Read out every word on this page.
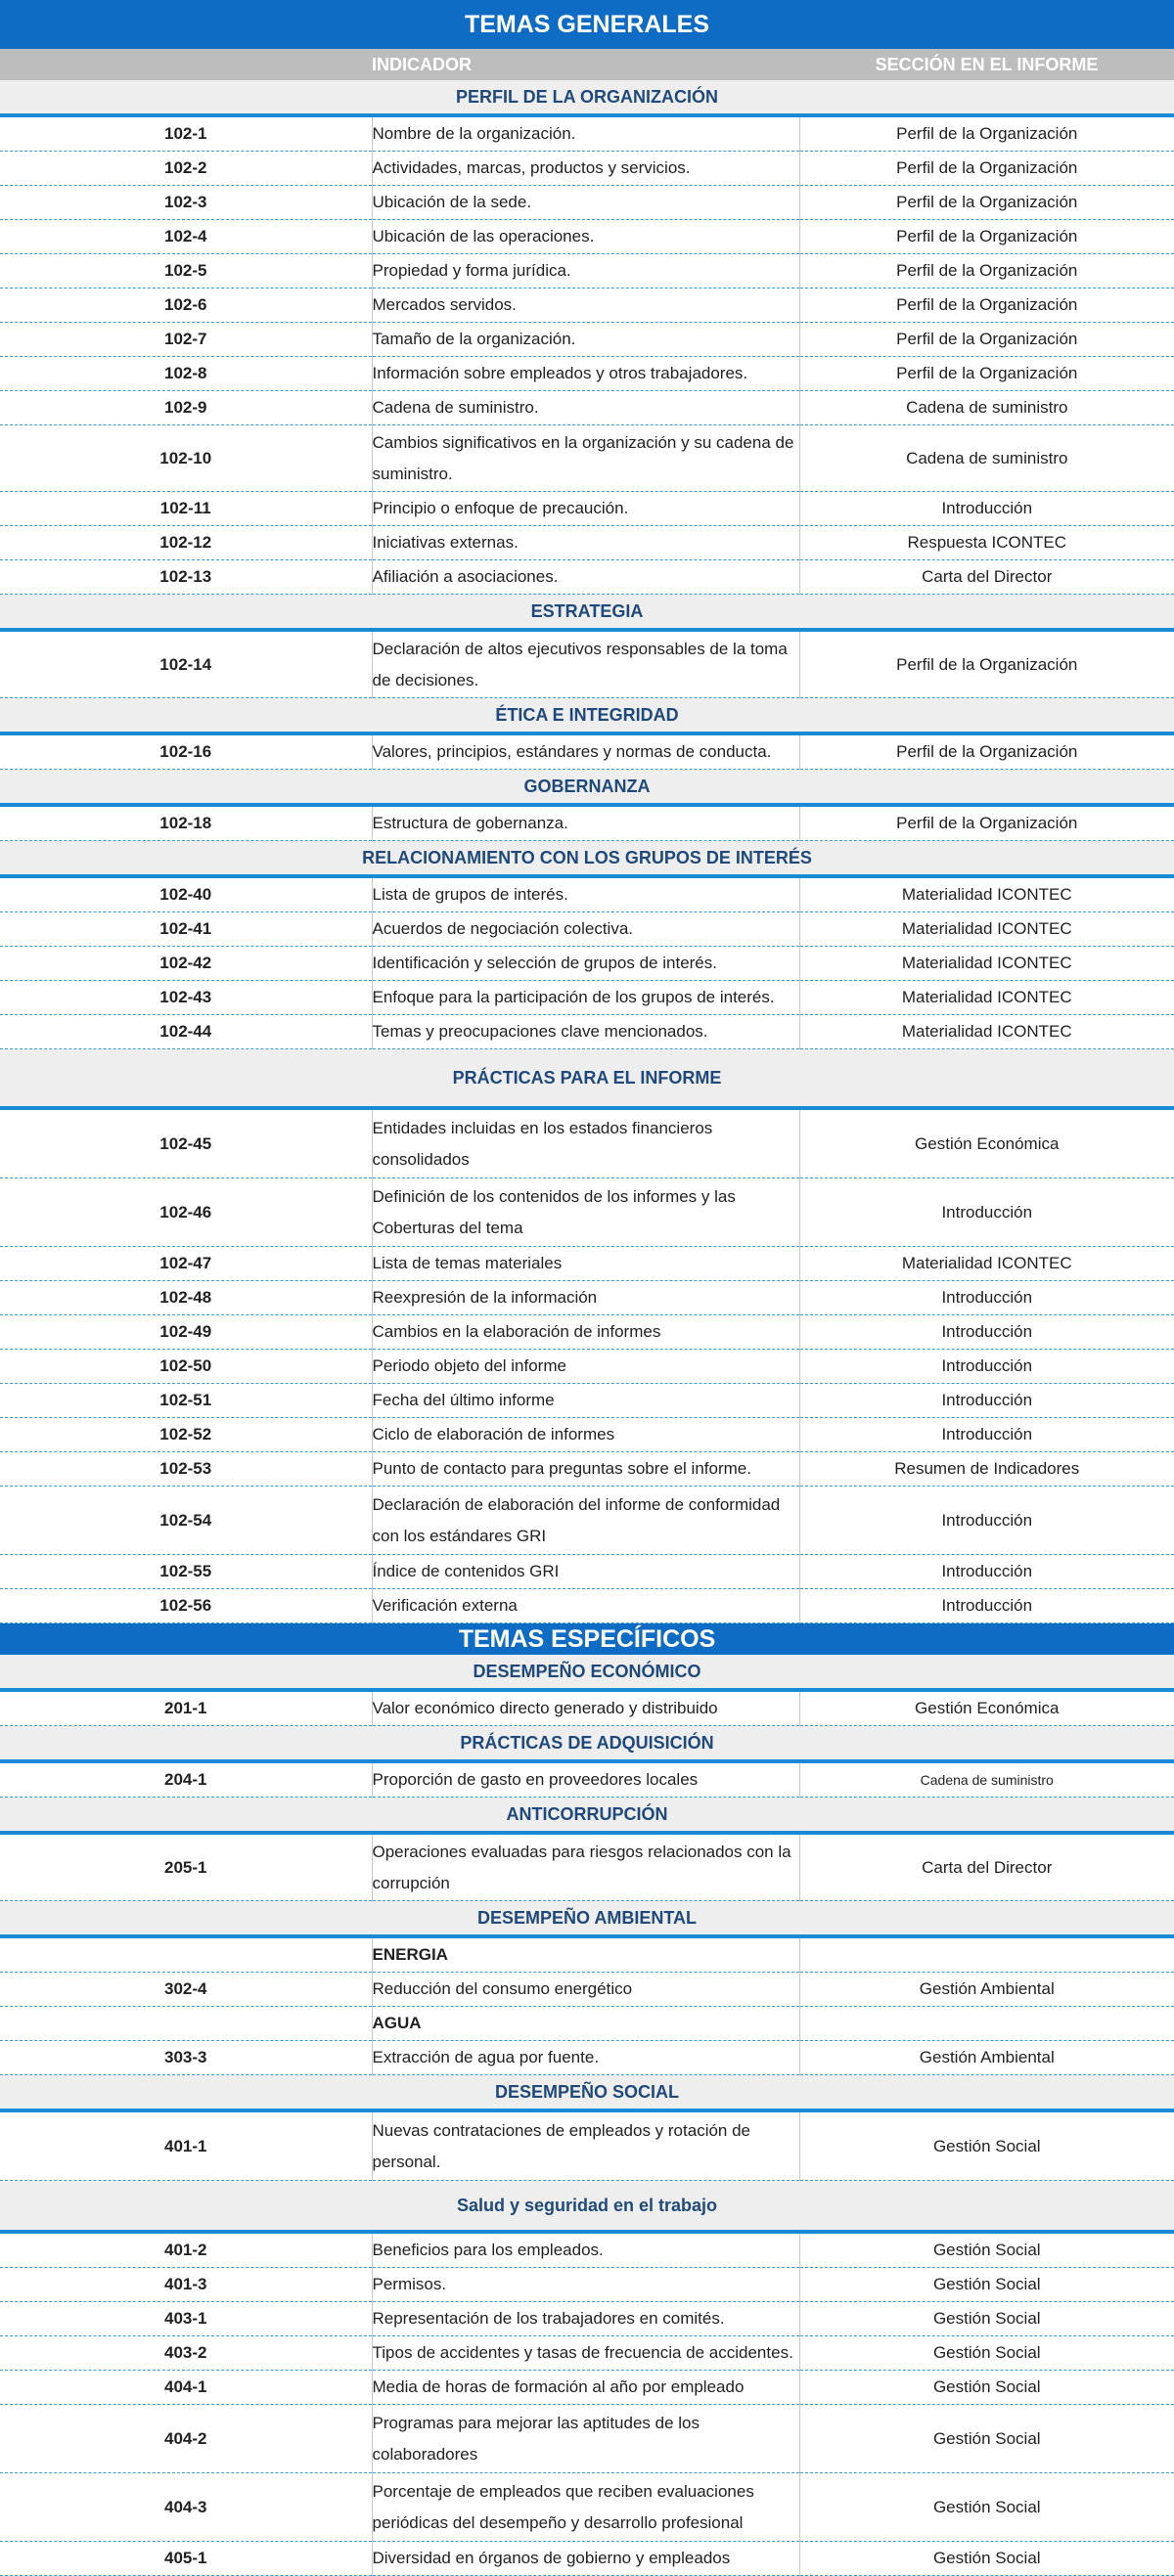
TEMAS GENERALES		
	INDICADOR	SECCIÓN EN EL INFORME
PERFIL DE LA ORGANIZACIÓN		
102-1	Nombre de la organización.	Perfil de la Organización
102-2	Actividades, marcas, productos y servicios.	Perfil de la Organización
102-3	Ubicación de la sede.	Perfil de la Organización
102-4	Ubicación de las operaciones.	Perfil de la Organización
102-5	Propiedad y forma jurídica.	Perfil de la Organización
102-6	Mercados servidos.	Perfil de la Organización
102-7	Tamaño de la organización.	Perfil de la Organización
102-8	Información sobre empleados y otros trabajadores.	Perfil de la Organización
102-9	Cadena de suministro.	Cadena de suministro
102-10	Cambios significativos en la organización y su cadena de suministro.	Cadena de suministro
102-11	Principio o enfoque de precaución.	Introducción
102-12	Iniciativas externas.	Respuesta ICONTEC
102-13	Afiliación a asociaciones.	Carta del Director
ESTRATEGIA		
102-14	Declaración de altos ejecutivos responsables de la toma de decisiones.	Perfil de la Organización
ÉTICA E INTEGRIDAD		
102-16	Valores, principios, estándares y normas de conducta.	Perfil de la Organización
GOBERNANZA		
102-18	Estructura de gobernanza.	Perfil de la Organización
RELACIONAMIENTO CON LOS GRUPOS DE INTERÉS		
102-40	Lista de grupos de interés.	Materialidad ICONTEC
102-41	Acuerdos de negociación colectiva.	Materialidad ICONTEC
102-42	Identificación y selección de grupos de interés.	Materialidad ICONTEC
102-43	Enfoque para la participación de los grupos de interés.	Materialidad ICONTEC
102-44	Temas y preocupaciones clave mencionados.	Materialidad ICONTEC
PRÁCTICAS PARA EL INFORME		
102-45	Entidades incluidas en los estados financieros consolidados	Gestión Económica
102-46	Definición de los contenidos de los informes y las Coberturas del tema	Introducción
102-47	Lista de temas materiales	Materialidad ICONTEC
102-48	Reexpresión de la información	Introducción
102-49	Cambios en la elaboración de informes	Introducción
102-50	Periodo objeto del informe	Introducción
102-51	Fecha del último informe	Introducción
102-52	Ciclo de elaboración de informes	Introducción
102-53	Punto de contacto para preguntas sobre el informe.	Resumen de Indicadores
102-54	Declaración de elaboración del informe de conformidad con los estándares GRI	Introducción
102-55	Índice de contenidos GRI	Introducción
102-56	Verificación externa	Introducción
TEMAS ESPECÍFICOS		
DESEMPEÑO ECONÓMICO		
201-1	Valor económico directo generado y distribuido	Gestión Económica
PRÁCTICAS DE ADQUISICIÓN		
204-1	Proporción de gasto en proveedores locales	Cadena de suministro
ANTICORRUPCIÓN		
205-1	Operaciones evaluadas para riesgos relacionados con la corrupción	Carta del Director
DESEMPEÑO AMBIENTAL		
	ENERGIA	
302-4	Reducción del consumo energético	Gestión Ambiental
	AGUA	
303-3	Extracción de agua por fuente.	Gestión Ambiental
DESEMPEÑO SOCIAL		
401-1	Nuevas contrataciones de empleados y rotación de personal.	Gestión Social
Salud y seguridad en el trabajo		
401-2	Beneficios para los empleados.	Gestión Social
401-3	Permisos.	Gestión Social
403-1	Representación de los trabajadores en comités.	Gestión Social
403-2	Tipos de accidentes y tasas de frecuencia de accidentes.	Gestión Social
404-1	Media de horas de formación al año por empleado	Gestión Social
404-2	Programas para mejorar las aptitudes de los colaboradores	Gestión Social
404-3	Porcentaje de empleados que reciben evaluaciones periódicas del desempeño y desarrollo profesional	Gestión Social
405-1	Diversidad en órganos de gobierno y empleados	Gestión Social
